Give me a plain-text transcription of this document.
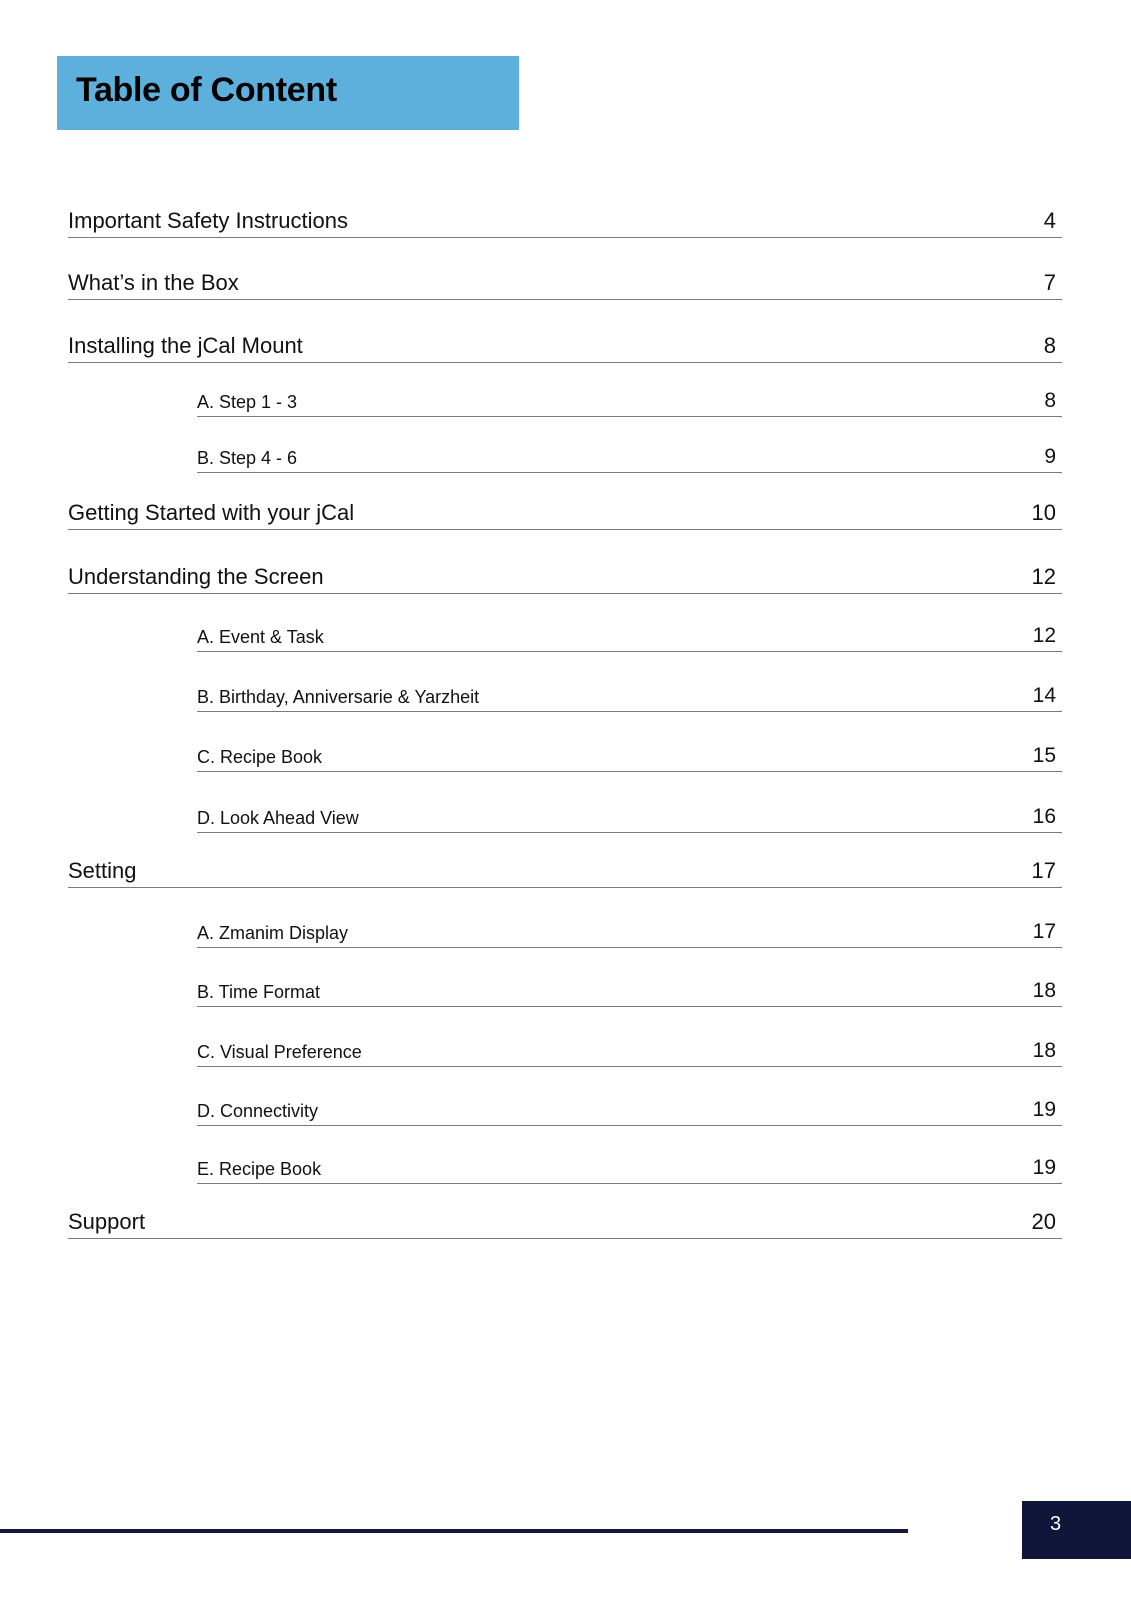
Table of Content
Important Safety Instructions	4
What’s in the Box	7
Installing the jCal Mount	8
A. Step 1 - 3	8
B. Step 4 - 6	9
Getting Started with your jCal	10
Understanding the Screen	12
A. Event & Task	12
B. Birthday, Anniversarie & Yarzheit	14
C. Recipe Book	15
D. Look Ahead View	16
Setting	17
A. Zmanim Display	17
B. Time Format	18
C. Visual Preference	18
D. Connectivity	19
E. Recipe Book	19
Support	20
3
